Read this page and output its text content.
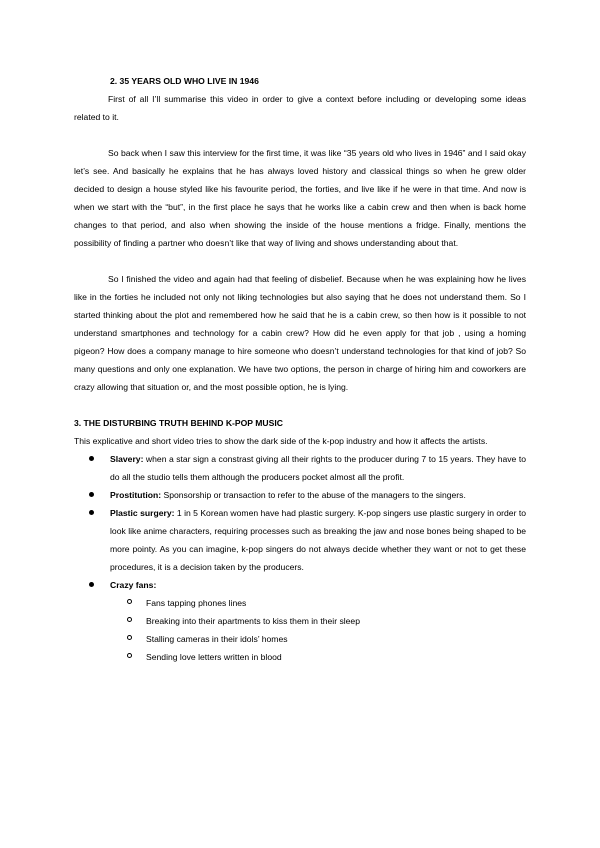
2. 35 YEARS OLD WHO LIVE IN 1946

First of all I’ll summarise this video in order to give a context before including or developing some ideas related to it.

So back when I saw this interview for the first time, it was like “35 years old who lives in 1946” and I said okay let’s see. And basically he explains that he has always loved history and classical things so when he grew older decided to design a house styled like his favourite period, the forties, and live like if he were in that time. And now is when we start with the “but”, in the first place he says that he works like a cabin crew and then when is back home changes to that period, and also when showing the inside of the house mentions a fridge. Finally, mentions the possibility of finding a partner who doesn’t like that way of living and shows understanding about that.

So I finished the video and again had that feeling of disbelief. Because when he was explaining how he lives like in the forties he included not only not liking technologies but also saying that he does not understand them. So I started thinking about the plot and remembered how he said that he is a cabin crew, so then how is it possible to not understand smartphones and technology for a cabin crew? How did he even apply for that job , using a homing pigeon? How does a company manage to hire someone who doesn’t understand technologies for that kind of job? So many questions and only one explanation. We have two options, the person in charge of hiring him and coworkers are crazy allowing that situation or, and the most possible option, he is lying.

3. THE DISTURBING TRUTH BEHIND K-POP MUSIC

This explicative and short video tries to show the dark side of the k-pop industry and how it affects the artists.

Slavery: when a star sign a constrast giving all their rights to the producer during 7 to 15 years. They have to do all the studio tells them although the producers pocket almost all the profit.
Prostitution: Sponsorship or transaction to refer to the abuse of the managers to the singers.
Plastic surgery: 1 in 5 Korean women have had plastic surgery. K-pop singers use plastic surgery in order to look like anime characters, requiring processes such as breaking the jaw and nose bones being shaped to be more pointy. As you can imagine, k-pop singers do not always decide whether they want or not to get these procedures, it is a decision taken by the producers.
Crazy fans:
Fans tapping phones lines
Breaking into their apartments to kiss them in their sleep
Stalling cameras in their idols’ homes
Sending love letters written in blood
